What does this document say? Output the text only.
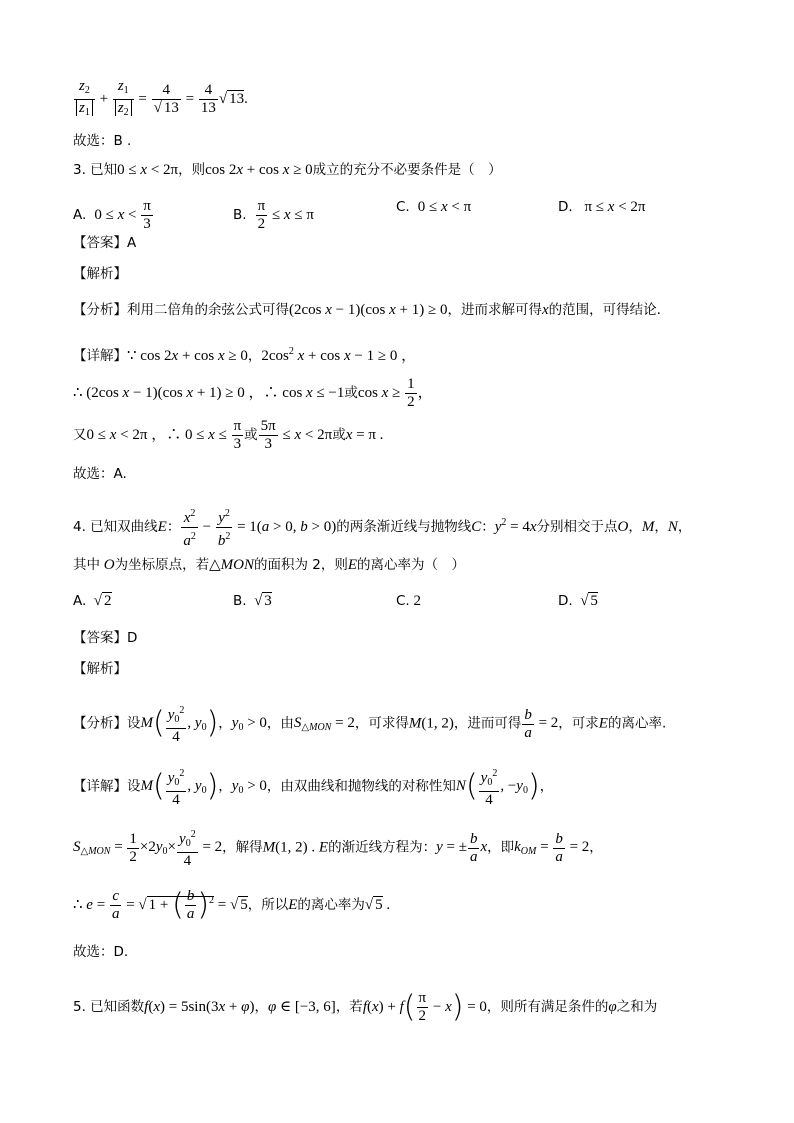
$\frac{z_2}{z_1} + \frac{z_1}{z_2} = \frac{4}{√ 13} = \frac{4}{13}$ √ 13.
故选：B .
3. 已知0 ≤ x < 2π，则cos 2x + cos x ≥ 0成立的充分不必要条件是（　）
A.  $0 \le x < \frac{\pi}{3}$	B. $\frac{\pi}{2} \le x \le \pi$	C.  0 ≤ x < π	D.   π ≤ x < 2π
【答案】A
【解析】
【分析】利用二倍角的余弦公式可得(2cos x − 1)(cos x + 1) ≥ 0，进而求解可得x的范围，可得结论.
【详解】∵ cos 2x + cos x ≥ 0，$2\cos^2$ x + cos x − 1 ≥ 0 ，
∴ (2cos x − 1)(cos x + 1) ≥ 0 ，∴ cos x ≤ −1或$\cos x \ge \frac{1}{2}$ ，
又0 ≤ x < 2π ，∴ $0 \le x \le \frac{\pi}{3}$ 或 $\frac{5\pi}{3} \le x < 2\pi$或x = π .
故选：A.
4. 已知双曲线E： $\frac{x^2}{a^2} - \frac{y^2}{b^2} = 1(a > 0$, b > 0)的两条渐近线与抛物线C：$y^2 = 4x$分别相交于点O，M，N，
其中 O为坐标原点，若△MON的面积为 2，则E的离心率为（　）
A.  √ 2	B.  √ 3	C. 2	D.  √ 5
【答案】D
【解析】
【分析】设$M( \frac{y_0^2}{4}$ , $y_0$)，$y_0 > 0$，由$S_{\triangle MON} = 2$，可求得M(1, 2)，进而可得 $\frac{b}{a} = 2$，可求E的离心率.
【详解】设$M( \frac{y_0^2}{4}$ , $y_0$)，$y_0 > 0$，由双曲线和抛物线的对称性知$N( \frac{y_0^2}{4}$ , $-y_0$)，
$S_{\triangle MON} = \frac{1}{2} \times 2y_0\times \frac{y_0^2}{4} = 2$，解得M(1, 2) . E的渐近线方程为：y = ± $\frac{b}{a}$ x，即$k_{OM} = \frac{b}{a} = 2$，
∴ $e = \frac{c}{a}$ = √ 1 + ( $\frac{b}{a} )^2$ = √ 5，所以E的离心率为√ 5 .
故选：D.
5. 已知函数f(x) = 5sin(3x + φ)，φ ∈ [−3, 6]，若$f(x) + f( \frac{\pi}{2} - x) = 0$，则所有满足条件的φ之和为
